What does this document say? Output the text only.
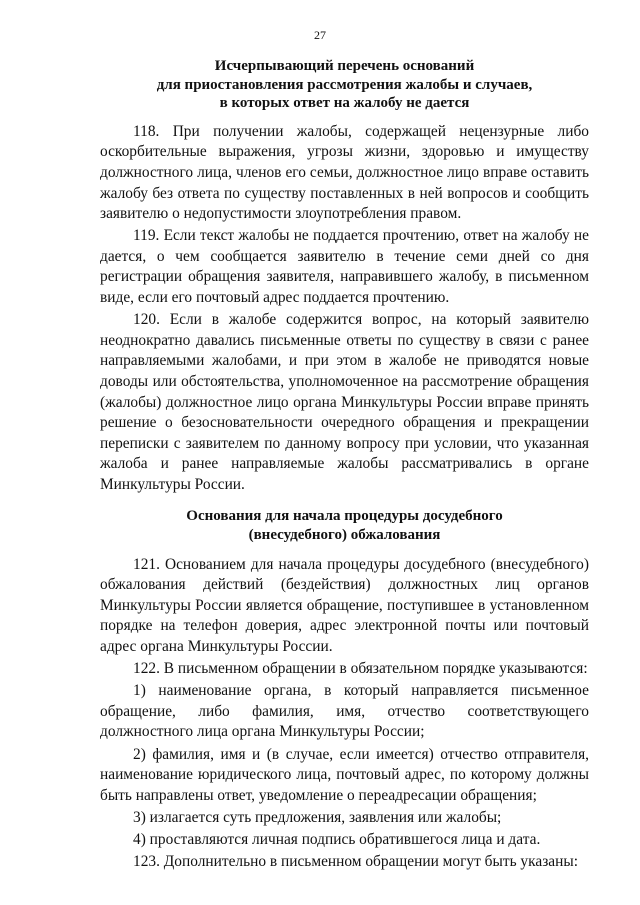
27
Исчерпывающий перечень оснований
для приостановления рассмотрения жалобы и случаев,
в которых ответ на жалобу не дается

118. При получении жалобы, содержащей нецензурные либо оскорбительные выражения, угрозы жизни, здоровью и имуществу должностного лица, членов его семьи, должностное лицо вправе оставить жалобу без ответа по существу поставленных в ней вопросов и сообщить заявителю о недопустимости злоупотребления правом.

119. Если текст жалобы не поддается прочтению, ответ на жалобу не дается, о чем сообщается заявителю в течение семи дней со дня регистрации обращения заявителя, направившего жалобу, в письменном виде, если его почтовый адрес поддается прочтению.

120. Если в жалобе содержится вопрос, на который заявителю неоднократно давались письменные ответы по существу в связи с ранее направляемыми жалобами, и при этом в жалобе не приводятся новые доводы или обстоятельства, уполномоченное на рассмотрение обращения (жалобы) должностное лицо органа Минкультуры России вправе принять решение о безосновательности очередного обращения и прекращении переписки с заявителем по данному вопросу при условии, что указанная жалоба и ранее направляемые жалобы рассматривались в органе Минкультуры России.

Основания для начала процедуры досудебного
(внесудебного) обжалования

121. Основанием для начала процедуры досудебного (внесудебного) обжалования действий (бездействия) должностных лиц органов Минкультуры России является обращение, поступившее в установленном порядке на телефон доверия, адрес электронной почты или почтовый адрес органа Минкультуры России.

122. В письменном обращении в обязательном порядке указываются:

1) наименование органа, в который направляется письменное обращение, либо фамилия, имя, отчество соответствующего должностного лица органа Минкультуры России;

2) фамилия, имя и (в случае, если имеется) отчество отправителя, наименование юридического лица, почтовый адрес, по которому должны быть направлены ответ, уведомление о переадресации обращения;

3) излагается суть предложения, заявления или жалобы;

4) проставляются личная подпись обратившегося лица и дата.

123. Дополнительно в письменном обращении могут быть указаны:
